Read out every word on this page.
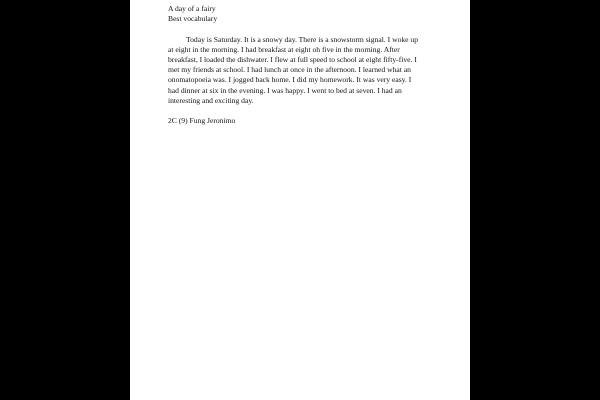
A day of a fairy
Best vocabulary

Today is Saturday. It is a snowy day. There is a snowstorm signal. I woke up at eight in the morning. I had breakfast at eight oh five in the morning. After breakfast, I loaded the dishwater. I flew at full speed to school at eight fifty-five. I met my friends at school. I had lunch at once in the afternoon. I learned what an onomatopoeia was. I jogged back home. I did my homework. It was very easy. I had dinner at six in the evening. I was happy. I went to bed at seven. I had an interesting and exciting day.

2C (9) Fung Jeronimo
